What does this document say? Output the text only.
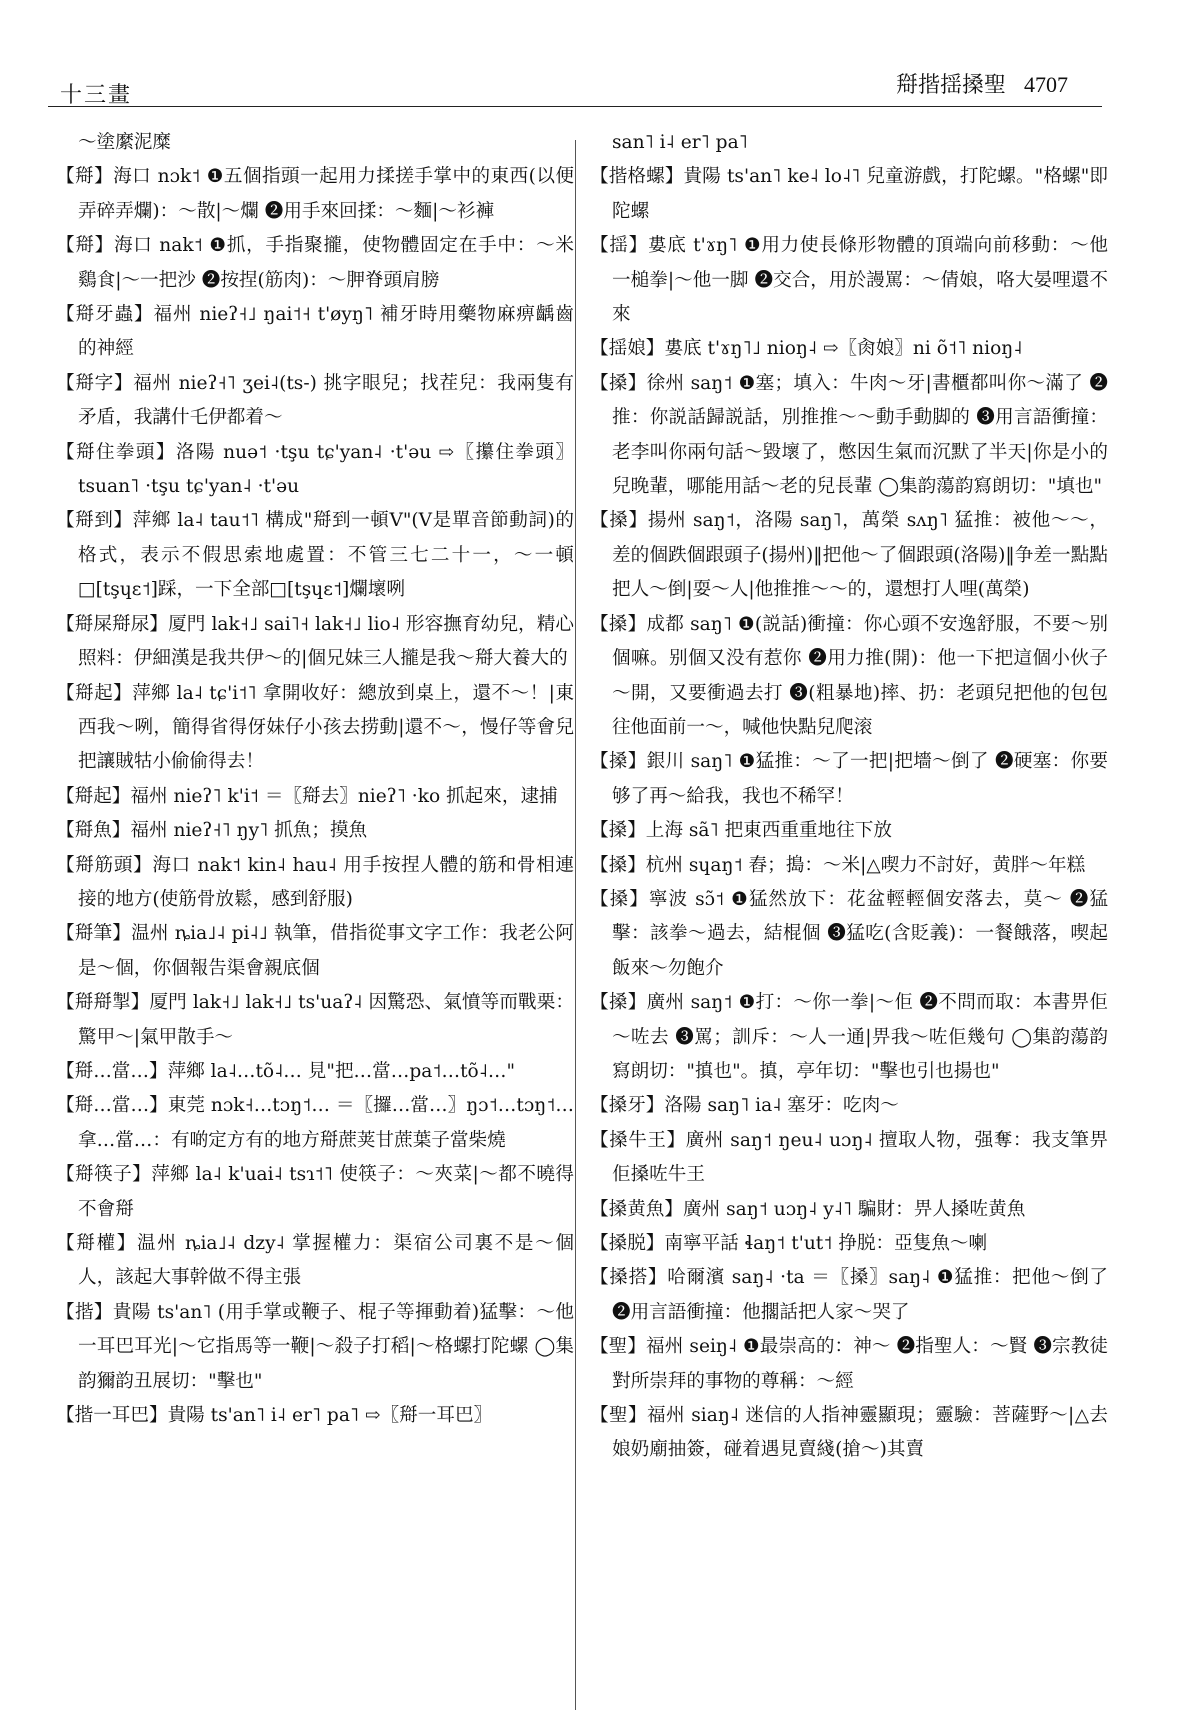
十三畫	搿揩揺搡聖 4707

～塗縻泥糜

【搿】海口 nɔk˦ ❶五個指頭一起用力揉搓手掌中的東西(以便弄碎弄爛)：～散|～爛 ❷用手來回揉：～麵|～衫褲

【搿】海口 nak˦ ❶抓，手指聚攏，使物體固定在手中：～米鷄食|～一把沙 ❷按捏(筋肉)：～胛脊頭肩膀

【搿牙蟲】福州 nieʔ˧˩ ŋai˦˧ t'øyŋ˥ 補牙時用藥物麻痹齲齒的神經

【搿字】福州 nieʔ˧˥ ʒei˨(ts-) 挑字眼兒；找茬兒：我兩隻有矛盾，我講什乇伊都着～

【搿住拳頭】洛陽 nuə˦ ·tşu tɕ'yan˨ ·t'əu ⇨〖攥住拳頭〗tsuan˥ ·tşu tɕ'yan˨ ·t'əu

【搿到】萍鄉 la˨ tau˦˥ 構成"搿到一頓V"(V是單音節動詞)的格式，表示不假思索地處置：不管三七二十一，～一頓□[tşɥɛ˦]踩，一下全部□[tşɥɛ˦]爛壞咧

【搿屎搿尿】厦門 lak˧˩ sai˥˧ lak˧˩ lio˨ 形容撫育幼兒，精心照料：伊細漢是我共伊～的|個兄妹三人攏是我～搿大養大的

【搿起】萍鄉 la˨ tɕ'i˦˥ 拿開收好：總放到桌上，還不～！|東西我～咧，簡得省得伢妹仔小孩去捞動|還不～，慢仔等會兒把讓賊牯小偷偷得去！

【搿起】福州 nieʔ˥ k'i˦ ＝〖搿去〗nieʔ˥ ·ko 抓起來，逮捕

【搿魚】福州 nieʔ˧˥ ŋy˥ 抓魚；摸魚

【搿筋頭】海口 nak˦ kin˨ hau˨ 用手按捏人體的筋和骨相連接的地方(使筋骨放鬆，感到舒服)

【搿筆】温州 ȵia˩˨ pi˨˩ 執筆，借指從事文字工作：我老公阿是～個，你個報告渠會親底個

【搿搿掣】厦門 lak˧˩ lak˧˩ ts'uaʔ˨ 因驚恐、氣憤等而戰栗：驚甲～|氣甲散手～

【搿…當…】萍鄉 la˨…tõ˨… 見"把…當…pa˦…tõ˨…"

【搿…當…】東莞 nɔk˧…tɔŋ˦… ＝〖攞…當…〗ŋɔ˦…tɔŋ˦… 拿…當…：有啲定方有的地方搿蔗荚甘蔗葉子當柴燒

【搿筷子】萍鄉 la˨ k'uai˨ tsɿ˦˥ 使筷子：～夾菜|～都不曉得不會搿

【搿權】温州 ȵia˩˨ dzy˨ 掌握權力：渠宿公司裏不是～個人，該起大事幹做不得主張

【揩】貴陽 ts'an˥ (用手掌或鞭子、棍子等揮動着)猛擊：～他一耳巴耳光|～它指馬等一鞭|～殺子打稻|～格螺打陀螺 ◯集韵獮韵丑展切："擊也"

【揩一耳巴】貴陽 ts'an˥ i˨ er˥ pa˥ ⇨〖搿一耳巴〗

san˥ i˨ er˥ pa˥

【揩格螺】貴陽 ts'an˥ ke˨ lo˨˥ 兒童游戲，打陀螺。"格螺"即陀螺

【揺】婁底 t'ɤŋ˥ ❶用力使長條形物體的頂端向前移動：～他一槌拳|～他一脚 ❷交合，用於謾罵：～倩娘，咯大晏哩還不來

【揺娘】婁底 t'ɤŋ˥˩ nioŋ˨ ⇨〖肏娘〗ni õ˦˥ nioŋ˨

【搡】徐州 saŋ˦ ❶塞；填入：牛肉～牙|書櫃都叫你～滿了 ❷推：你説話歸説話，別推推～～動手動脚的 ❸用言語衝撞：老李叫你兩句話～毀壞了，憋因生氣而沉默了半天|你是小的兒晚輩，哪能用話～老的兒長輩 ◯集韵蕩韵寫朗切："填也"

【搡】揚州 saŋ˦，洛陽 saŋ˥，萬榮 sʌŋ˥ 猛推：被他～～，差的個跌個跟頭子(揚州)‖把他～了個跟頭(洛陽)‖争差一點點把人～倒|耍～人|他推推～～的，還想打人哩(萬榮)

【搡】成都 saŋ˥ ❶(説話)衝撞：你心頭不安逸舒服，不要～别個嘛。别個又没有惹你 ❷用力推(開)：他一下把這個小伙子～開，又要衝過去打 ❸(粗暴地)摔、扔：老頭兒把他的包包往他面前一～，喊他快點兒爬滚

【搡】銀川 saŋ˥ ❶猛推：～了一把|把墻～倒了 ❷硬塞：你要够了再～給我，我也不稀罕！

【搡】上海 sã˥ 把東西重重地往下放

【搡】杭州 sɥaŋ˦ 舂；搗：～米|△喫力不討好，黄胖～年糕

【搡】寧波 sɔ̃˦ ❶猛然放下：花盆輕輕個安落去，莫～ ❷猛擊：該拳～過去，結棍個 ❸猛吃(含貶義)：一餐餓落，喫起飯來～勿飽介

【搡】廣州 saŋ˦ ❶打：～你一拳|～佢 ❷不問而取：本書畀佢～咗去 ❸罵；訓斥：～人一通|畀我～咗佢幾句 ◯集韵蕩韵寫朗切："搷也"。搷，亭年切："擊也引也揚也"

【搡牙】洛陽 saŋ˥ ia˨ 塞牙：吃肉～

【搡牛王】廣州 saŋ˦ ŋeu˨ uɔŋ˨ 擅取人物，强奪：我支筆畀佢搡咗牛王

【搡黄魚】廣州 saŋ˦ uɔŋ˨ y˨˥ 騙財：畀人搡咗黄魚

【搡脱】南寧平話 ɬaŋ˦ t'ut˦ 挣脱：亞隻魚～喇

【搡搭】哈爾濱 saŋ˨ ·ta ＝〖搡〗saŋ˨ ❶猛推：把他～倒了 ❷用言語衝撞：他擱話把人家～哭了

【聖】福州 seiŋ˨ ❶最崇高的：神～ ❷指聖人：～賢 ❸宗教徒對所崇拜的事物的尊稱：～經

【聖】福州 siaŋ˨ 迷信的人指神靈顯現；靈驗：菩薩野～|△去娘奶廟抽簽，碰着遇見賣綫(搶～)其賣
